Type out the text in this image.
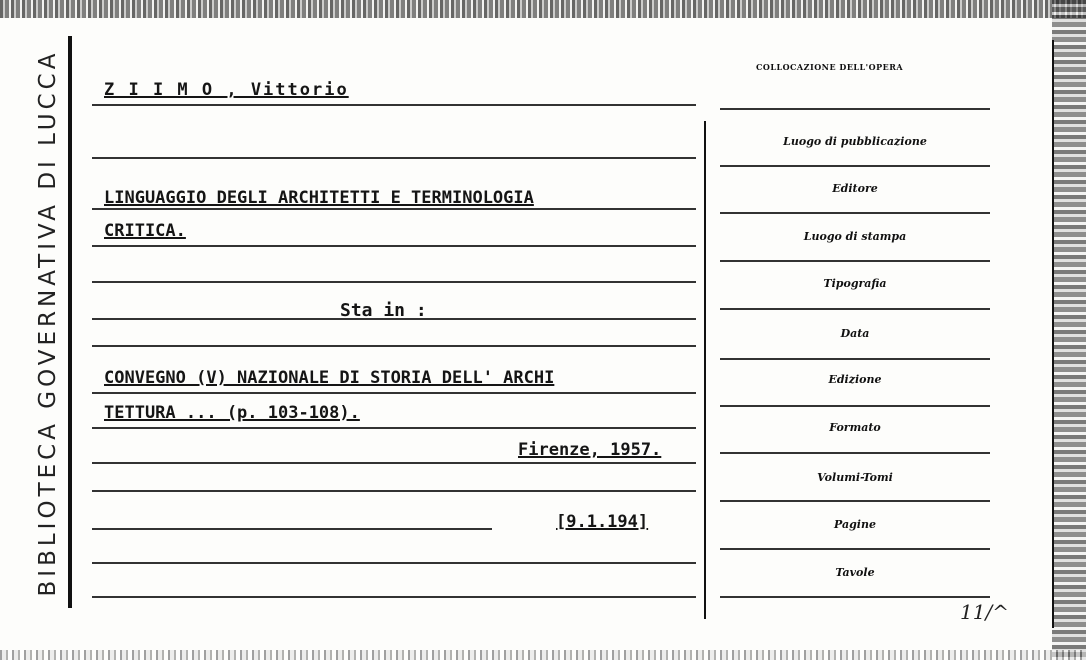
BIBLIOTECA GOVERNATIVA DI LUCCA	Z I I M O , Vittorio
LINGUAGGIO DEGLI ARCHITETTI E TERMINOLOGIA
CRITICA.
Sta in :
CONVEGNO (V) NAZIONALE DI STORIA DELL' ARCHI
TETTURA ... (p. 103-108).
Firenze, 1957.
[9.1.194]
COLLOCAZIONE DELL'OPERA
Luogo di pubblicazione
Editore
Luogo di stampa
Tipografia
Data
Edizione
Formato
Volumi-Tomi
Pagine
Tavole
11/^
